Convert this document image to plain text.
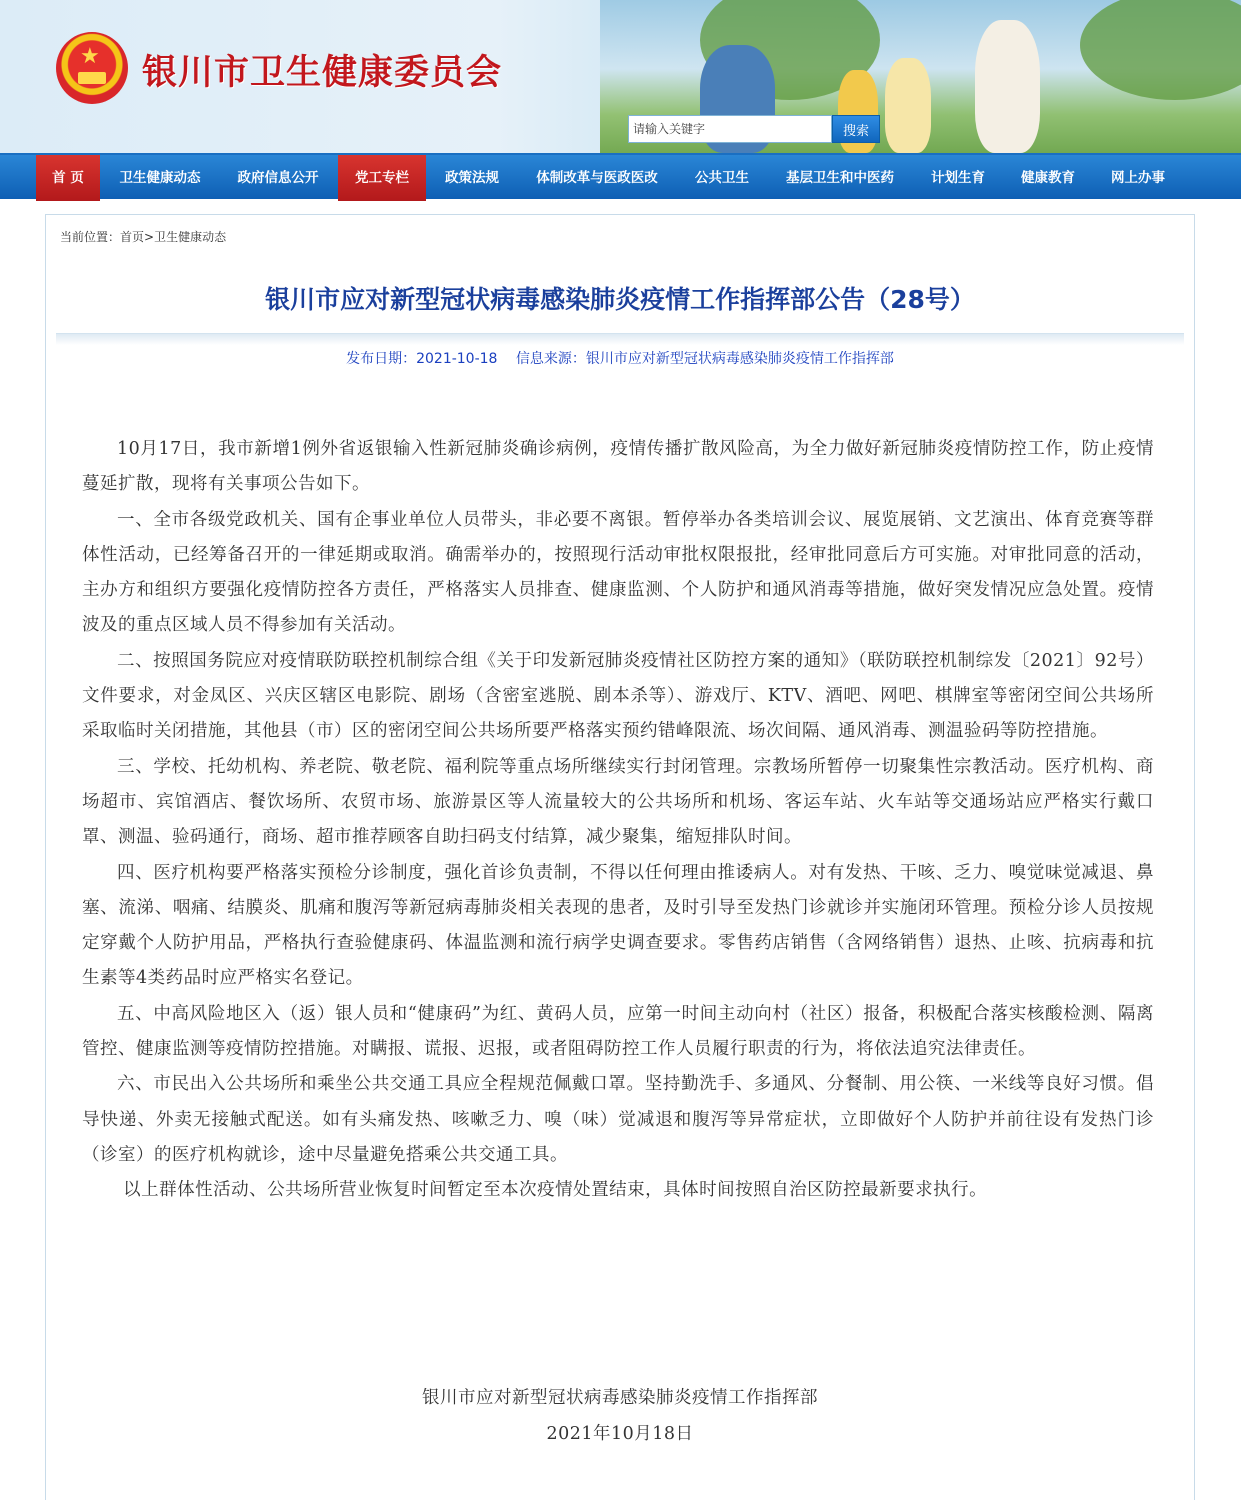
★ 银川市卫生健康委员会
请输入关键字
搜索
首 页	卫生健康动态	政府信息公开	党工专栏	政策法规	体制改革与医政医改	公共卫生	基层卫生和中医药	计划生育	健康教育	网上办事
当前位置：首页>卫生健康动态
银川市应对新型冠状病毒感染肺炎疫情工作指挥部公告（28号）
发布日期：2021-10-18　 信息来源：银川市应对新型冠状病毒感染肺炎疫情工作指挥部

10月17日，我市新增1例外省返银输入性新冠肺炎确诊病例，疫情传播扩散风险高，为全力做好新冠肺炎疫情防控工作，防止疫情蔓延扩散，现将有关事项公告如下。

一、全市各级党政机关、国有企事业单位人员带头，非必要不离银。暂停举办各类培训会议、展览展销、文艺演出、体育竞赛等群体性活动，已经筹备召开的一律延期或取消。确需举办的，按照现行活动审批权限报批，经审批同意后方可实施。对审批同意的活动，主办方和组织方要强化疫情防控各方责任，严格落实人员排查、健康监测、个人防护和通风消毒等措施，做好突发情况应急处置。疫情波及的重点区域人员不得参加有关活动。

二、按照国务院应对疫情联防联控机制综合组《关于印发新冠肺炎疫情社区防控方案的通知》（联防联控机制综发〔2021〕92号）文件要求，对金凤区、兴庆区辖区电影院、剧场（含密室逃脱、剧本杀等）、游戏厅、KTV、酒吧、网吧、棋牌室等密闭空间公共场所采取临时关闭措施，其他县（市）区的密闭空间公共场所要严格落实预约错峰限流、场次间隔、通风消毒、测温验码等防控措施。

三、学校、托幼机构、养老院、敬老院、福利院等重点场所继续实行封闭管理。宗教场所暂停一切聚集性宗教活动。医疗机构、商场超市、宾馆酒店、餐饮场所、农贸市场、旅游景区等人流量较大的公共场所和机场、客运车站、火车站等交通场站应严格实行戴口罩、测温、验码通行，商场、超市推荐顾客自助扫码支付结算，减少聚集，缩短排队时间。

四、医疗机构要严格落实预检分诊制度，强化首诊负责制，不得以任何理由推诿病人。对有发热、干咳、乏力、嗅觉味觉减退、鼻塞、流涕、咽痛、结膜炎、肌痛和腹泻等新冠病毒肺炎相关表现的患者，及时引导至发热门诊就诊并实施闭环管理。预检分诊人员按规定穿戴个人防护用品，严格执行查验健康码、体温监测和流行病学史调查要求。零售药店销售（含网络销售）退热、止咳、抗病毒和抗生素等4类药品时应严格实名登记。

五、中高风险地区入（返）银人员和“健康码”为红、黄码人员，应第一时间主动向村（社区）报备，积极配合落实核酸检测、隔离管控、健康监测等疫情防控措施。对瞒报、谎报、迟报，或者阻碍防控工作人员履行职责的行为，将依法追究法律责任。

六、市民出入公共场所和乘坐公共交通工具应全程规范佩戴口罩。坚持勤洗手、多通风、分餐制、用公筷、一米线等良好习惯。倡导快递、外卖无接触式配送。如有头痛发热、咳嗽乏力、嗅（味）觉减退和腹泻等异常症状，立即做好个人防护并前往设有发热门诊（诊室）的医疗机构就诊，途中尽量避免搭乘公共交通工具。

以上群体性活动、公共场所营业恢复时间暂定至本次疫情处置结束，具体时间按照自治区防控最新要求执行。

银川市应对新型冠状病毒感染肺炎疫情工作指挥部
2021年10月18日
